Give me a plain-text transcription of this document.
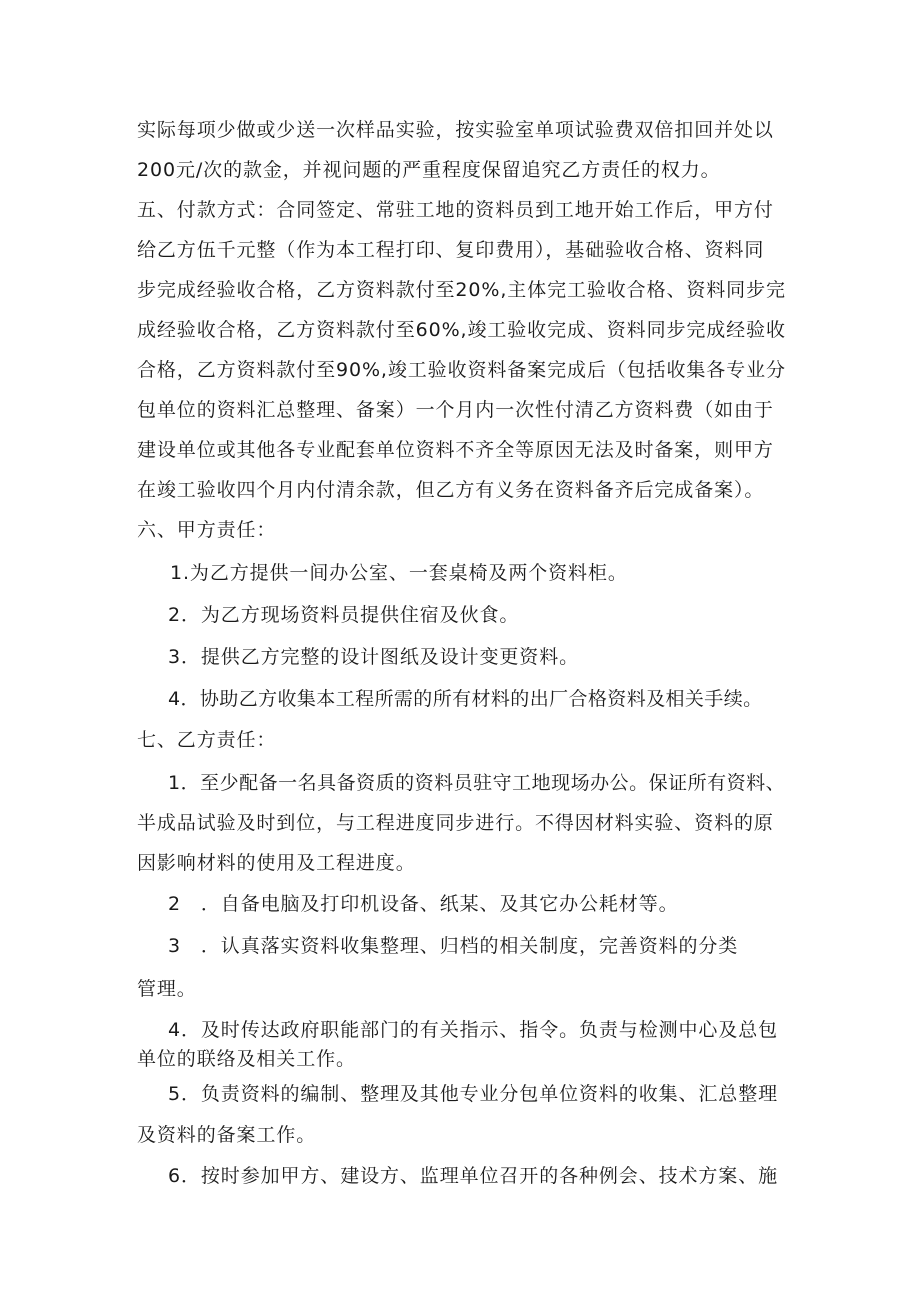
实际每项少做或少送一次样品实验，按实验室单项试验费双倍扣回并处以
200元/次的款金，并视问题的严重程度保留追究乙方责任的权力。
五、付款方式：合同签定、常驻工地的资料员到工地开始工作后，甲方付
给乙方伍千元整（作为本工程打印、复印费用），基础验收合格、资料同
步完成经验收合格，乙方资料款付至20%,主体完工验收合格、资料同步完
成经验收合格，乙方资料款付至60%,竣工验收完成、资料同步完成经验收
合格，乙方资料款付至90%,竣工验收资料备案完成后（包括收集各专业分
包单位的资料汇总整理、备案）一个月内一次性付清乙方资料费（如由于
建设单位或其他各专业配套单位资料不齐全等原因无法及时备案，则甲方
在竣工验收四个月内付清余款，但乙方有义务在资料备齐后完成备案）。
六、甲方责任：
1.为乙方提供一间办公室、一套桌椅及两个资料柜。
2．为乙方现场资料员提供住宿及伙食。
3．提供乙方完整的设计图纸及设计变更资料。
4．协助乙方收集本工程所需的所有材料的出厂合格资料及相关手续。
七、乙方责任：
1．至少配备一名具备资质的资料员驻守工地现场办公。保证所有资料、
半成品试验及时到位，与工程进度同步进行。不得因材料实验、资料的原
因影响材料的使用及工程进度。
2　．自备电脑及打印机设备、纸某、及其它办公耗材等。
3　．认真落实资料收集整理、归档的相关制度，完善资料的分类
管理。
4．及时传达政府职能部门的有关指示、指令。负责与检测中心及总包
单位的联络及相关工作。
5．负责资料的编制、整理及其他专业分包单位资料的收集、汇总整理
及资料的备案工作。
6．按时参加甲方、建设方、监理单位召开的各种例会、技术方案、施
